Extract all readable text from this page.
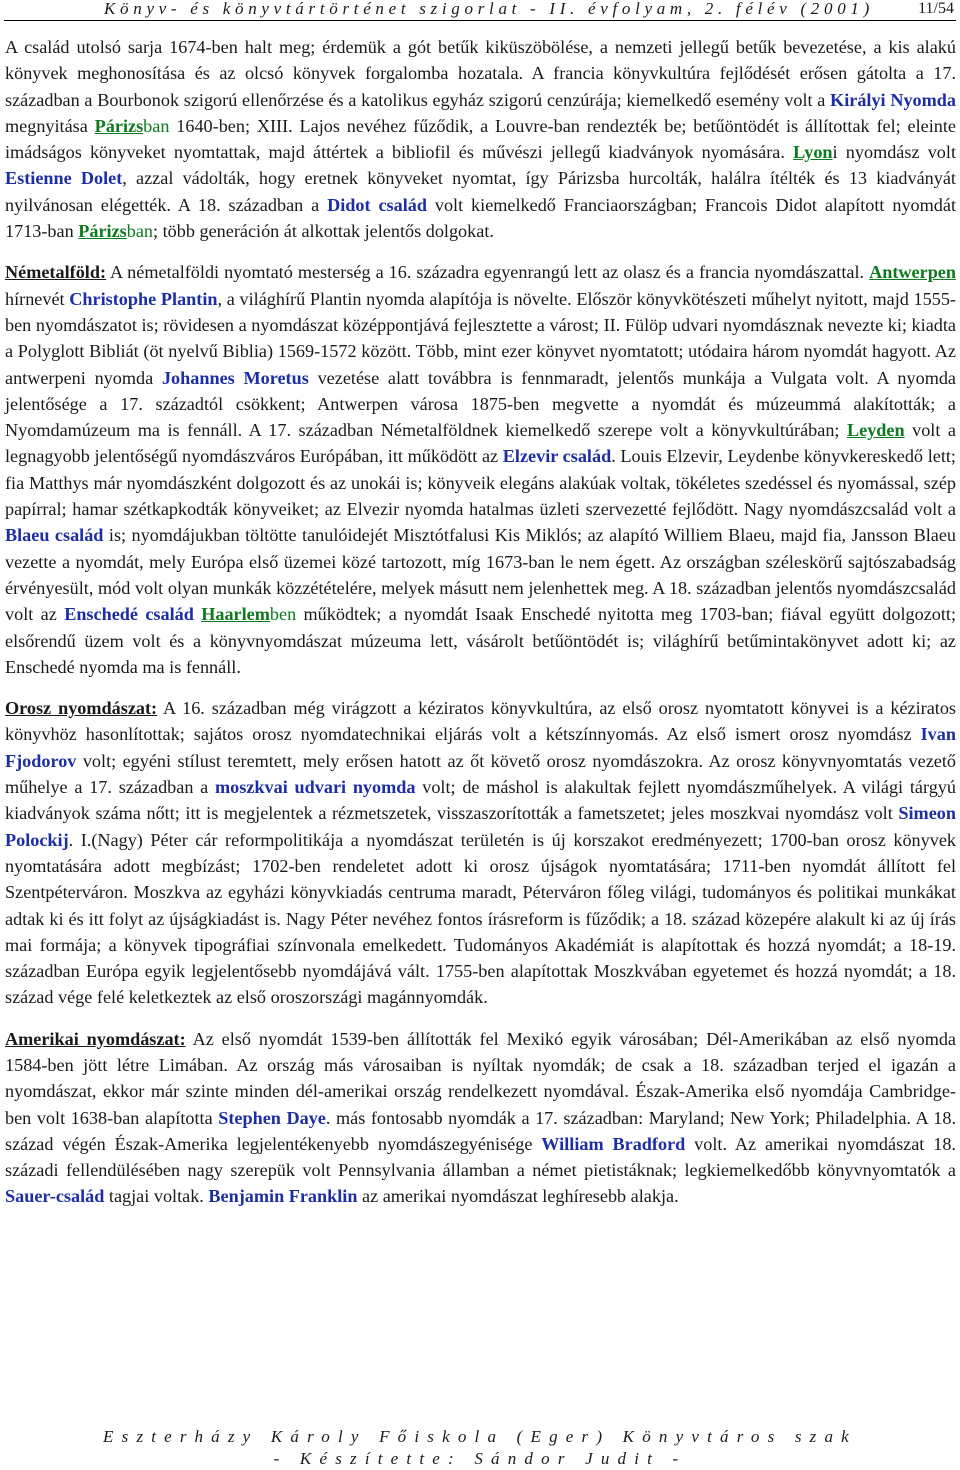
Könyv- és könyvtártörténet szigorlat - II. évfolyam, 2. félév (2001)	11/54

A család utolsó sarja 1674-ben halt meg; érdemük a gót betűk kiküszöbölése, a nemzeti jellegű betűk bevezetése, a kis alakú könyvek meghonosítása és az olcsó könyvek forgalomba hozatala. A francia könyvkultúra fejlődését erősen gátolta a 17. században a Bourbonok szigorú ellenőrzése és a katolikus egyház szigorú cenzúrája; kiemelkedő esemény volt a Királyi Nyomda megnyitása Párizsban 1640-ben; XIII. Lajos nevéhez fűződik, a Louvre-ban rendezték be; betűöntödét is állítottak fel; eleinte imádságos könyveket nyomtattak, majd áttértek a bibliofil és művészi jellegű kiadványok nyomására. Lyoni nyomdász volt Estienne Dolet, azzal vádolták, hogy eretnek könyveket nyomtat, így Párizsba hurcolták, halálra ítélték és 13 kiadványát nyilvánosan elégették. A 18. században a Didot család volt kiemelkedő Franciaországban; Francois Didot alapított nyomdát 1713-ban Párizsban; több generáción át alkottak jelentős dolgokat.

Németalföld: A németalföldi nyomtató mesterség a 16. századra egyenrangú lett az olasz és a francia nyomdászattal. Antwerpen hírnevét Christophe Plantin, a világhírű Plantin nyomda alapítója is növelte. Először könyvkötészeti műhelyt nyitott, majd 1555-ben nyomdászatot is; rövidesen a nyomdászat középpontjává fejlesztette a várost; II. Fülöp udvari nyomdásznak nevezte ki; kiadta a Polyglott Bibliát (öt nyelvű Biblia) 1569-1572 között. Több, mint ezer könyvet nyomtatott; utódaira három nyomdát hagyott. Az antwerpeni nyomda Johannes Moretus vezetése alatt továbbra is fennmaradt, jelentős munkája a Vulgata volt. A nyomda jelentősége a 17. századtól csökkent; Antwerpen városa 1875-ben megvette a nyomdát és múzeummá alakították; a Nyomdamúzeum ma is fennáll. A 17. században Németalföldnek kiemelkedő szerepe volt a könyvkultúrában; Leyden volt a legnagyobb jelentőségű nyomdászváros Európában, itt működött az Elzevir család. Louis Elzevir, Leydenbe könyvkereskedő lett; fia Matthys már nyomdászként dolgozott és az unokái is; könyveik elegáns alakúak voltak, tökéletes szedéssel és nyomással, szép papírral; hamar szétkapkodták könyveiket; az Elvezir nyomda hatalmas üzleti szervezetté fejlődött. Nagy nyomdászcsalád volt a Blaeu család is; nyomdájukban töltötte tanulóidejét Misztótfalusi Kis Miklós; az alapító Williem Blaeu, majd fia, Jansson Blaeu vezette a nyomdát, mely Európa első üzemei közé tartozott, míg 1673-ban le nem égett. Az országban széleskörű sajtószabadság érvényesült, mód volt olyan munkák közzétételére, melyek másutt nem jelenhettek meg. A 18. században jelentős nyomdászcsalád volt az Enschedé család Haarlemben működtek; a nyomdát Isaak Enschedé nyitotta meg 1703-ban; fiával együtt dolgozott; elsőrendű üzem volt és a könyvnyomdászat múzeuma lett, vásárolt betűöntödét is; világhírű betűmintakönyvet adott ki; az Enschedé nyomda ma is fennáll.

Orosz nyomdászat: A 16. században még virágzott a kéziratos könyvkultúra, az első orosz nyomtatott könyvei is a kéziratos könyvhöz hasonlítottak; sajátos orosz nyomdatechnikai eljárás volt a kétszínnyomás. Az első ismert orosz nyomdász Ivan Fjodorov volt; egyéni stílust teremtett, mely erősen hatott az őt követő orosz nyomdászokra. Az orosz könyvnyomtatás vezető műhelye a 17. században a moszkvai udvari nyomda volt; de máshol is alakultak fejlett nyomdászműhelyek. A világi tárgyú kiadványok száma nőtt; itt is megjelentek a rézmetszetek, visszaszorították a fametszetet; jeles moszkvai nyomdász volt Simeon Polockij. I.(Nagy) Péter cár reformpolitikája a nyomdászat területén is új korszakot eredményezett; 1700-ban orosz könyvek nyomtatására adott megbízást; 1702-ben rendeletet adott ki orosz újságok nyomtatására; 1711-ben nyomdát állított fel Szentpéterváron. Moszkva az egyházi könyvkiadás centruma maradt, Péterváron főleg világi, tudományos és politikai munkákat adtak ki és itt folyt az újságkiadást is. Nagy Péter nevéhez fontos írásreform is fűződik; a 18. század közepére alakult ki az új írás mai formája; a könyvek tipográfiai színvonala emelkedett. Tudományos Akadémiát is alapítottak és hozzá nyomdát; a 18-19. században Európa egyik legjelentősebb nyomdájává vált. 1755-ben alapítottak Moszkvában egyetemet és hozzá nyomdát; a 18. század vége felé keletkeztek az első oroszországi magánnyomdák.

Amerikai nyomdászat: Az első nyomdát 1539-ben állították fel Mexikó egyik városában; Dél-Amerikában az első nyomda 1584-ben jött létre Limában. Az ország más városaiban is nyíltak nyomdák; de csak a 18. században terjed el igazán a nyomdászat, ekkor már szinte minden dél-amerikai ország rendelkezett nyomdával. Észak-Amerika első nyomdája Cambridge-ben volt 1638-ban alapította Stephen Daye. más fontosabb nyomdák a 17. században: Maryland; New York; Philadelphia. A 18. század végén Észak-Amerika legjelentékenyebb nyomdászegyénisége William Bradford volt. Az amerikai nyomdászat 18. századi fellendülésében nagy szerepük volt Pennsylvania államban a német pietistáknak; legkiemelkedőbb könyvnyomtatók a Sauer-család tagjai voltak. Benjamin Franklin az amerikai nyomdászat leghíresebb alakja.

Eszterházy Károly Főiskola (Eger) Könyvtáros szak
- Készítette: Sándor Judit -
